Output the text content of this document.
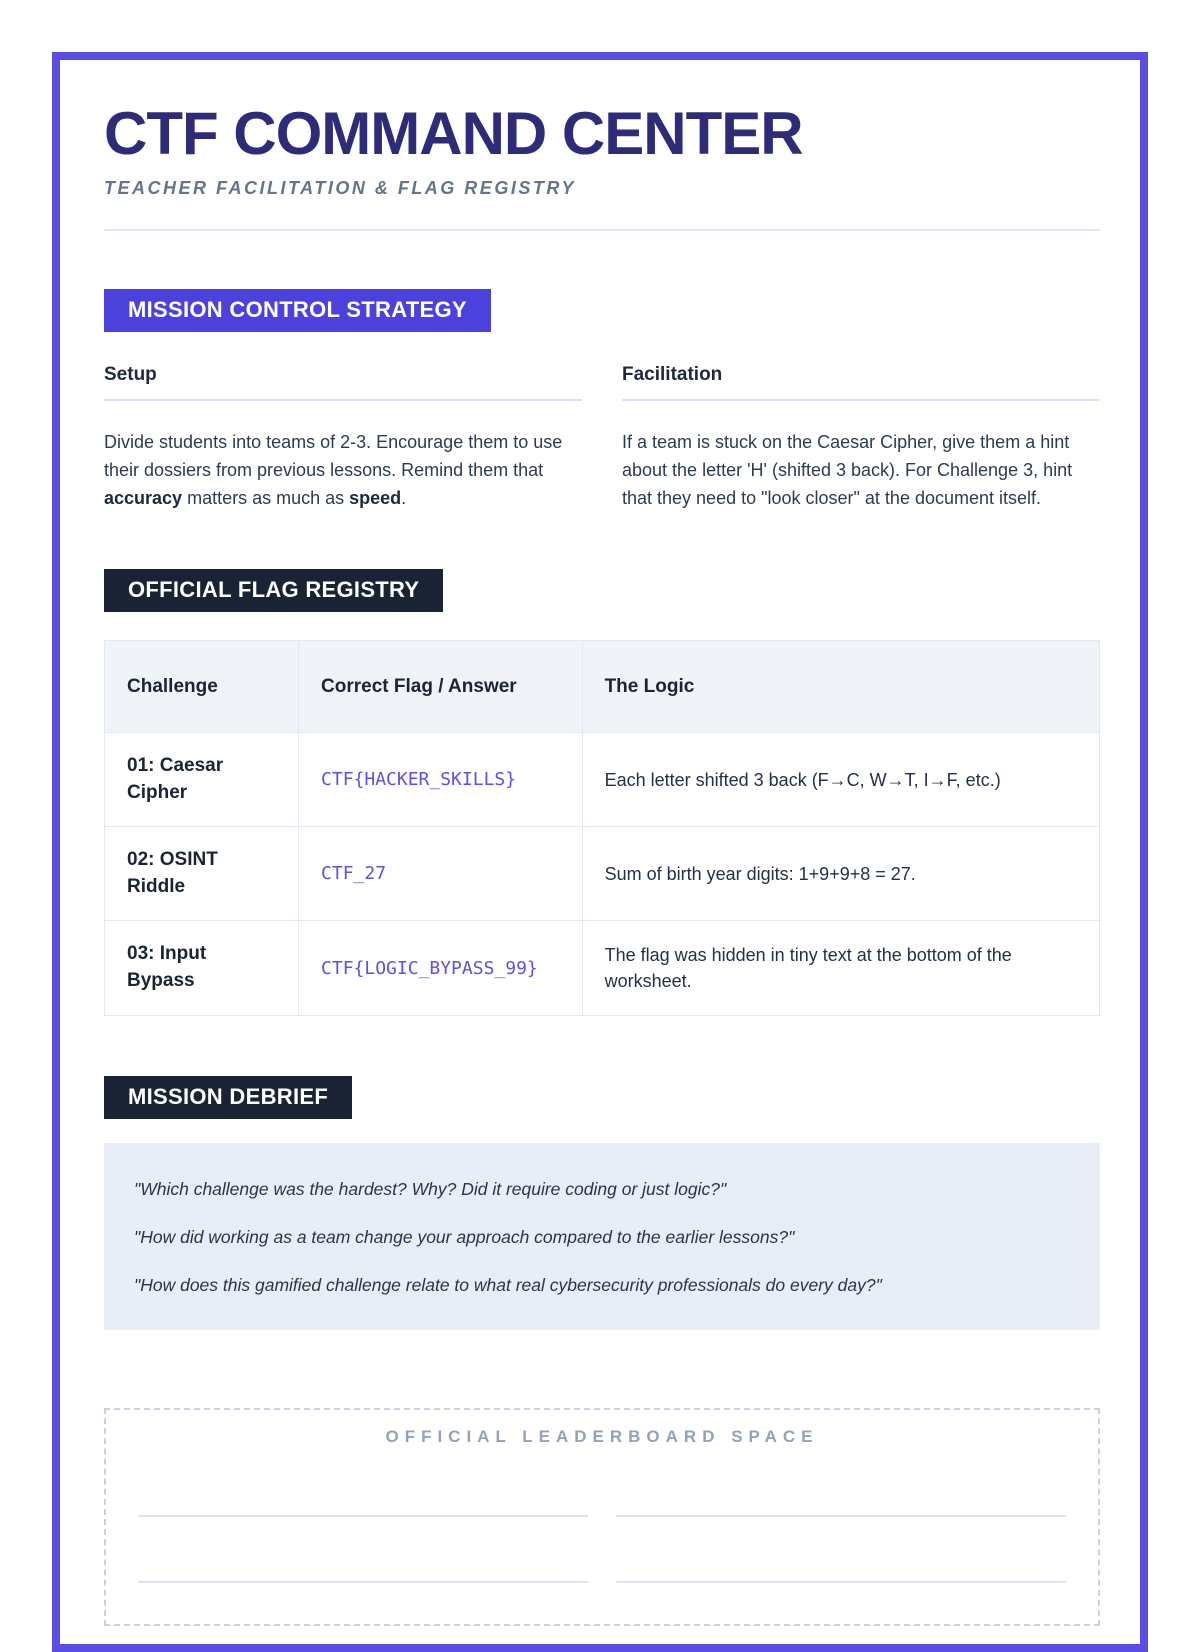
CTF COMMAND CENTER
TEACHER FACILITATION & FLAG REGISTRY
MISSION CONTROL STRATEGY
Setup

Divide students into teams of 2-3. Encourage them to use their dossiers from previous lessons. Remind them that accuracy matters as much as speed.

Facilitation

If a team is stuck on the Caesar Cipher, give them a hint about the letter 'H' (shifted 3 back). For Challenge 3, hint that they need to "look closer" at the document itself.

OFFICIAL FLAG REGISTRY
Challenge	Correct Flag / Answer	The Logic
01: Caesar Cipher	CTF{HACKER_SKILLS}	Each letter shifted 3 back (F→C, W→T, I→F, etc.)
02: OSINT Riddle	CTF_27	Sum of birth year digits: 1+9+9+8 = 27.
03: Input Bypass	CTF{LOGIC_BYPASS_99}	The flag was hidden in tiny text at the bottom of the worksheet.
MISSION DEBRIEF

"Which challenge was the hardest? Why? Did it require coding or just logic?"

"How did working as a team change your approach compared to the earlier lessons?"

"How does this gamified challenge relate to what real cybersecurity professionals do every day?"

OFFICIAL LEADERBOARD SPACE
